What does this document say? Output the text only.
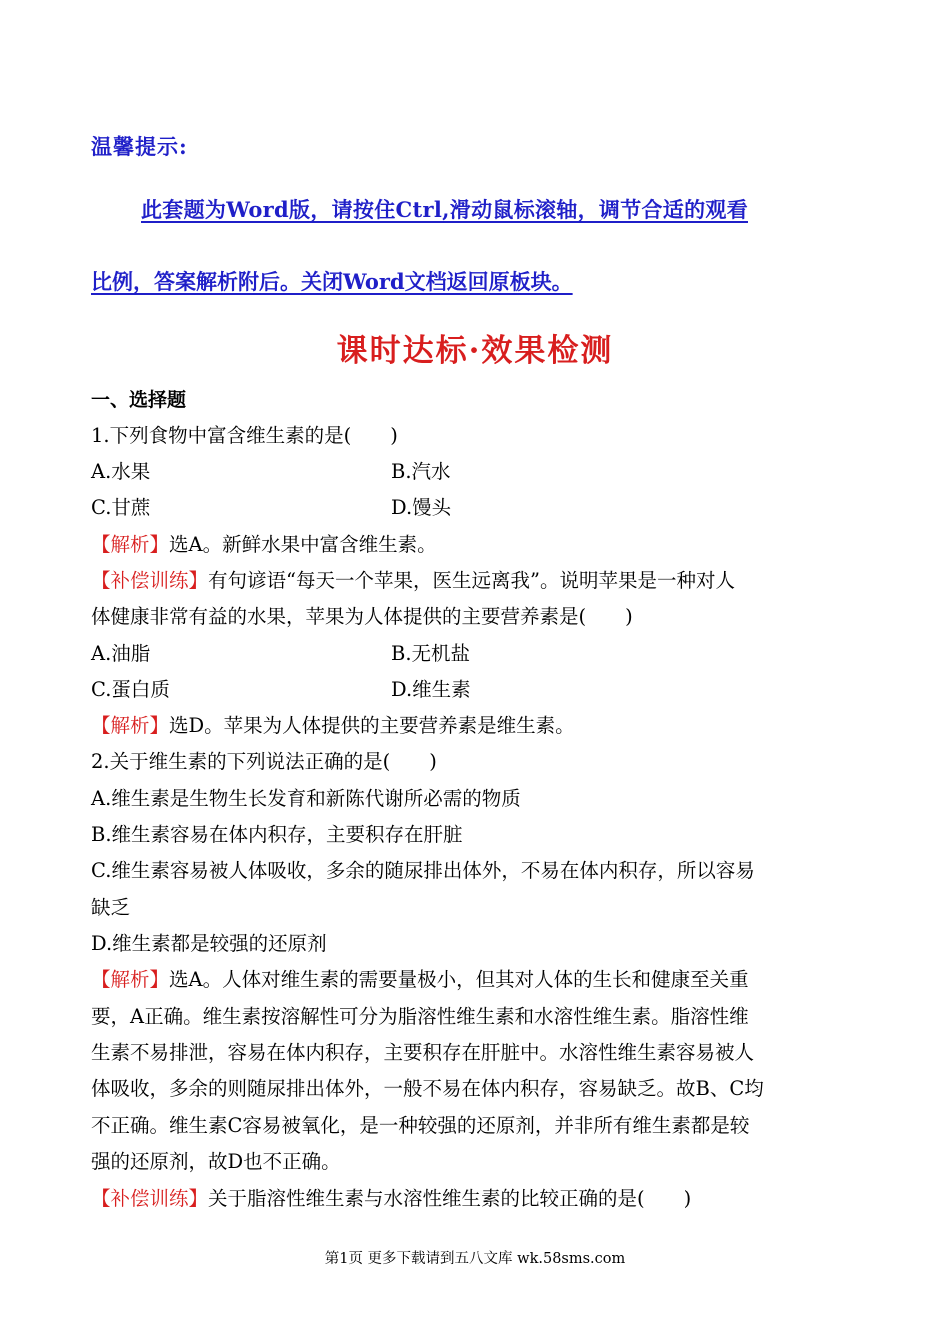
温馨提示:
此套题为Word版，请按住Ctrl,滑动鼠标滚轴，调节合适的观看
比例，答案解析附后。关闭Word文档返回原板块。
课时达标·效果检测
一、选择题
1.下列食物中富含维生素的是(　　)
A.水果	B.汽水
C.甘蔗	D.馒头
【解析】选A。新鲜水果中富含维生素。
【补偿训练】有句谚语“每天一个苹果，医生远离我”。说明苹果是一种对人
体健康非常有益的水果，苹果为人体提供的主要营养素是(　　)
A.油脂	B.无机盐
C.蛋白质	D.维生素
【解析】选D。苹果为人体提供的主要营养素是维生素。
2.关于维生素的下列说法正确的是(　　)
A.维生素是生物生长发育和新陈代谢所必需的物质
B.维生素容易在体内积存，主要积存在肝脏
C.维生素容易被人体吸收，多余的随尿排出体外，不易在体内积存，所以容易
缺乏
D.维生素都是较强的还原剂
【解析】选A。人体对维生素的需要量极小，但其对人体的生长和健康至关重
要，A正确。维生素按溶解性可分为脂溶性维生素和水溶性维生素。脂溶性维
生素不易排泄，容易在体内积存，主要积存在肝脏中。水溶性维生素容易被人
体吸收，多余的则随尿排出体外，一般不易在体内积存，容易缺乏。故B、C均
不正确。维生素C容易被氧化，是一种较强的还原剂，并非所有维生素都是较
强的还原剂，故D也不正确。
【补偿训练】关于脂溶性维生素与水溶性维生素的比较正确的是(　　)
第1页 更多下载请到五八文库 wk.58sms.com
